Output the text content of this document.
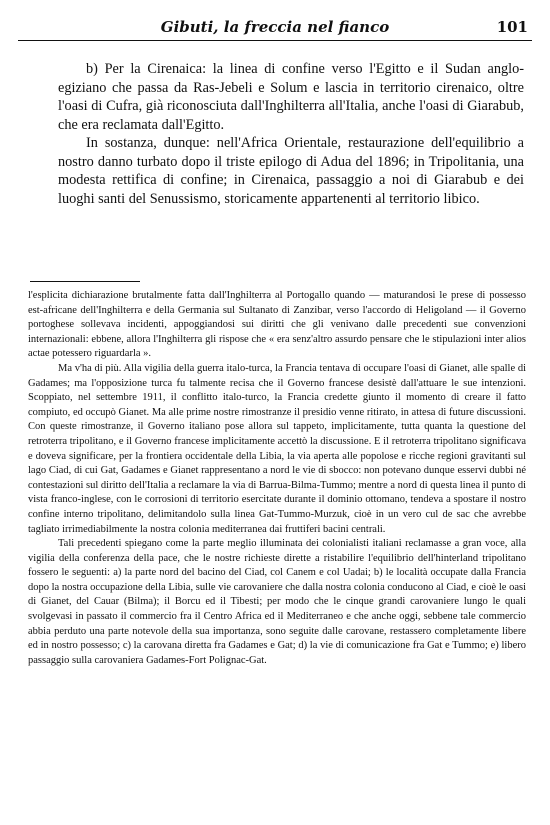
Gibuti, la freccia nel fianco	101

b) Per la Cirenaica: la linea di confine verso l'Egitto e il Sudan anglo-egiziano che passa da Ras-Jebeli e Solum e lascia in territorio cirenaico, oltre l'oasi di Cufra, già riconosciuta dall'Inghilterra all'Italia, anche l'oasi di Giarabub, che era reclamata dall'Egitto.

In sostanza, dunque: nell'Africa Orientale, restaurazione dell'equilibrio a nostro danno turbato dopo il triste epilogo di Adua del 1896; in Tripolitania, una modesta rettifica di confine; in Cirenaica, passaggio a noi di Giarabub e dei luoghi santi del Senussismo, storicamente appartenenti al territorio libico.

l'esplicita dichiarazione brutalmente fatta dall'Inghilterra al Portogallo quando — maturandosi le prese di possesso est-africane dell'Inghilterra e della Germania sul Sultanato di Zanzibar, verso l'accordo di Heligoland — il Governo portoghese sollevava incidenti, appoggiandosi sui diritti che gli venivano dalle precedenti sue convenzioni internazionali: ebbene, allora l'Inghilterra gli rispose che « era senz'altro assurdo pensare che le stipulazioni inter alios actae potessero riguardarla ».

Ma v'ha di più. Alla vigilia della guerra italo-turca, la Francia tentava di occupare l'oasi di Gianet, alle spalle di Gadames; ma l'opposizione turca fu talmente recisa che il Governo francese desistè dall'attuare le sue intenzioni. Scoppiato, nel settembre 1911, il conflitto italo-turco, la Francia credette giunto il momento di creare il fatto compiuto, ed occupò Gianet. Ma alle prime nostre rimostranze il presidio venne ritirato, in attesa di future discussioni. Con queste rimostranze, il Governo italiano pose allora sul tappeto, implicitamente, tutta quanta la questione del retroterra tripolitano, e il Governo francese implicitamente accettò la discussione. E il retroterra tripolitano significava e doveva significare, per la frontiera occidentale della Libia, la via aperta alle popolose e ricche regioni gravitanti sul lago Ciad, di cui Gat, Gadames e Gianet rappresentano a nord le vie di sbocco: non potevano dunque esservi dubbi né contestazioni sul diritto dell'Italia a reclamare la via di Barrua-Bilma-Tummo; mentre a nord di questa linea il punto di vista franco-inglese, con le corrosioni di territorio esercitate durante il dominio ottomano, tendeva a spostare il nostro confine interno tripolitano, delimitandolo sulla linea Gat-Tummo-Murzuk, cioè in un vero cul de sac che avrebbe tagliato irrimediabilmente la nostra colonia mediterranea dai fruttiferi bacini centrali.

Tali precedenti spiegano come la parte meglio illuminata dei colonialisti italiani reclamasse a gran voce, alla vigilia della conferenza della pace, che le nostre richieste dirette a ristabilire l'equilibrio dell'hinterland tripolitano fossero le seguenti: a) la parte nord del bacino del Ciad, col Canem e col Uadai; b) le località occupate dalla Francia dopo la nostra occupazione della Libia, sulle vie carovaniere che dalla nostra colonia conducono al Ciad, e cioè le oasi di Gianet, del Cauar (Bilma); il Borcu ed il Tibesti; per modo che le cinque grandi carovaniere lungo le quali svolgevasi in passato il commercio fra il Centro Africa ed il Mediterraneo e che anche oggi, sebbene tale commercio abbia perduto una parte notevole della sua importanza, sono seguite dalle carovane, restassero completamente libere ed in nostro possesso; c) la carovana diretta fra Gadames e Gat; d) la vie di comunicazione fra Gat e Tummo; e) libero passaggio sulla carovaniera Gadames-Fort Polignac-Gat.
